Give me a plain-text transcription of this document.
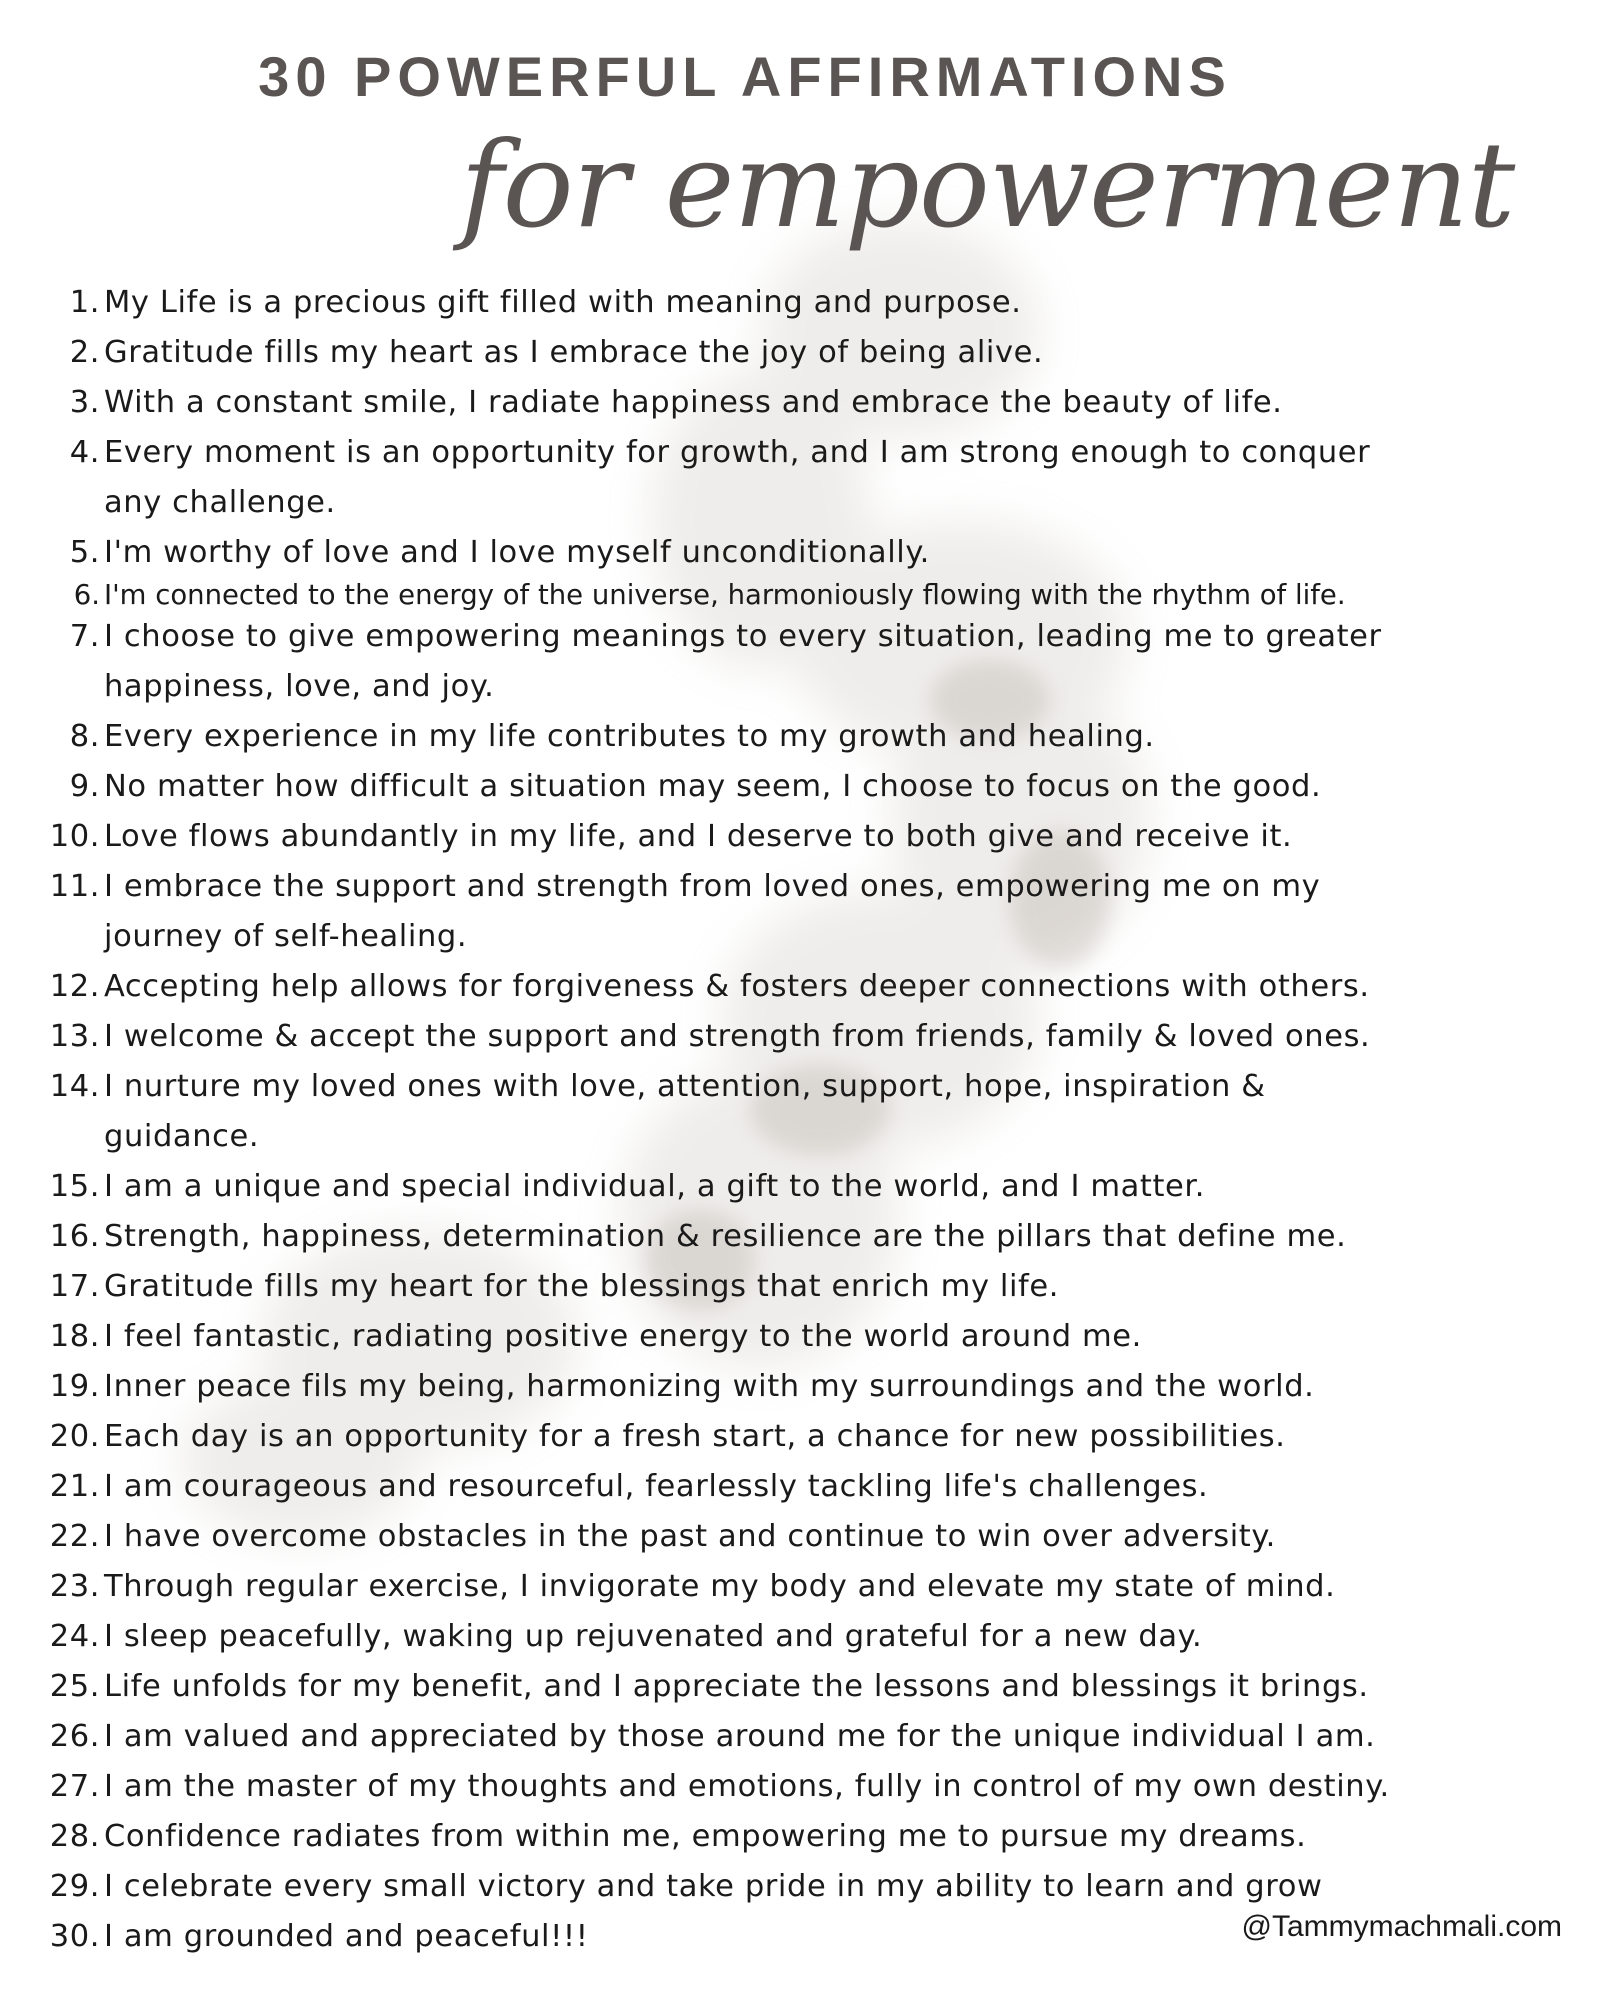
30 POWERFUL AFFIRMATIONS
for empowerment
1. My Life is a precious gift filled with meaning and purpose.
2. Gratitude fills my heart as I embrace the joy of being alive.
3. With a constant smile, I radiate happiness and embrace the beauty of life.
4. Every moment is an opportunity for growth, and I am strong enough to conquer
any challenge.
5. I'm worthy of love and I love myself unconditionally.
6. I'm connected to the energy of the universe, harmoniously flowing with the rhythm of life.
7. I choose to give empowering meanings to every situation, leading me to greater
happiness, love, and joy.
8. Every experience in my life contributes to my growth and healing.
9. No matter how difficult a situation may seem, I choose to focus on the good.
10. Love flows abundantly in my life, and I deserve to both give and receive it.
11. I embrace the support and strength from loved ones, empowering me on my
journey of self-healing.
12. Accepting help allows for forgiveness & fosters deeper connections with others.
13. I welcome & accept the support and strength from friends, family & loved ones.
14. I nurture my loved ones with love, attention, support, hope, inspiration &
guidance.
15. I am a unique and special individual, a gift to the world, and I matter.
16. Strength, happiness, determination & resilience are the pillars that define me.
17. Gratitude fills my heart for the blessings that enrich my life.
18. I feel fantastic, radiating positive energy to the world around me.
19. Inner peace fils my being, harmonizing with my surroundings and the world.
20. Each day is an opportunity for a fresh start, a chance for new possibilities.
21. I am courageous and resourceful, fearlessly tackling life's challenges.
22. I have overcome obstacles in the past and continue to win over adversity.
23. Through regular exercise, I invigorate my body and elevate my state of mind.
24. I sleep peacefully, waking up rejuvenated and grateful for a new day.
25. Life unfolds for my benefit, and I appreciate the lessons and blessings it brings.
26. I am valued and appreciated by those around me for the unique individual I am.
27. I am the master of my thoughts and emotions, fully in control of my own destiny.
28. Confidence radiates from within me, empowering me to pursue my dreams.
29. I celebrate every small victory and take pride in my ability to learn and grow
30. I am grounded and peaceful!!!	@Tammymachmali.com
